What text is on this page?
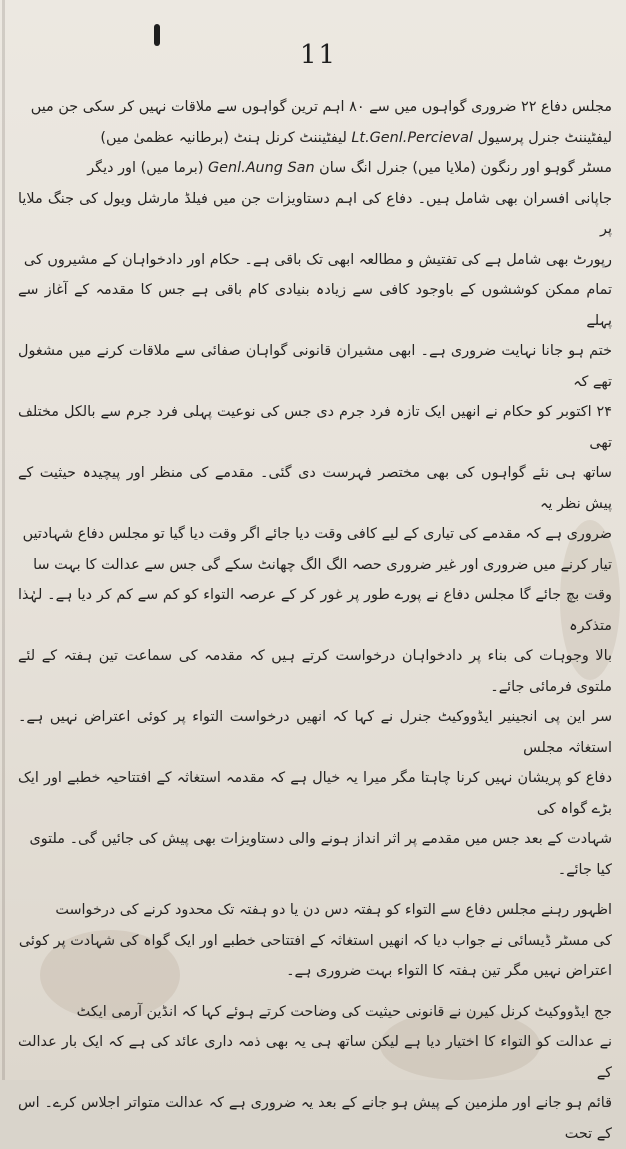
11

مجلس دفاع ۲۲ ضروری گواہوں میں سے ۸۰ اہم ترین گواہوں سے ملاقات نہیں کر سکی جن میں

لیفٹیننٹ جنرل پرسیول Lt.Genl.Percieval لیفٹیننٹ کرنل ہنٹ (برطانیہ عظمیٰ میں)

مسٹر گوہو اور رنگون (ملایا میں) جنرل انگ سان Genl.Aung San (برما میں) اور دیگر

جاپانی افسران بھی شامل ہیں۔ دفاع کی اہم دستاویزات جن میں فیلڈ مارشل ویول کی جنگ ملایا پر

رپورٹ بھی شامل ہے کی تفتیش و مطالعہ ابھی تک باقی ہے۔ حکام اور دادخواہان کے مشیروں کی

تمام ممکن کوششوں کے باوجود کافی سے زیادہ بنیادی کام باقی ہے جس کا مقدمہ کے آغاز سے پہلے

ختم ہو جانا نہایت ضروری ہے۔ ابھی مشیران قانونی گواہان صفائی سے ملاقات کرنے میں مشغول تھے کہ

۲۴ اکتوبر کو حکام نے انھیں ایک تازہ فرد جرم دی جس کی نوعیت پہلی فرد جرم سے بالکل مختلف تھی

ساتھ ہی نئے گواہوں کی بھی مختصر فہرست دی گئی۔ مقدمے کی منظر اور پیچیدہ حیثیت کے پیش نظر یہ

ضروری ہے کہ مقدمے کی تیاری کے لیے کافی وقت دیا جائے اگر وقت دیا گیا تو مجلس دفاع شہادتیں

تیار کرنے میں ضروری اور غیر ضروری حصہ الگ الگ چھانٹ سکے گی جس سے عدالت کا بہت سا

وقت بچ جائے گا مجلس دفاع نے پورے طور پر غور کر کے عرصہ التواء کو کم سے کم کر دیا ہے۔ لہٰذا متذکرہ

بالا وجوہات کی بناء پر دادخواہان درخواست کرتے ہیں کہ مقدمہ کی سماعت تین ہفتہ کے لئے ملتوی فرمائی جائے۔

سر این پی انجینیر ایڈووکیٹ جنرل نے کہا کہ انھیں درخواست التواء پر کوئی اعتراض نہیں ہے۔ استغاثہ مجلس

دفاع کو پریشان نہیں کرنا چاہتا مگر میرا یہ خیال ہے کہ مقدمہ استغاثہ کے افتتاحیہ خطبے اور ایک بڑے گواہ کی

شہادت کے بعد جس میں مقدمے پر اثر انداز ہونے والی دستاویزات بھی پیش کی جائیں گی۔ ملتوی

کیا جائے۔

اظہور رہنے مجلس دفاع سے التواء کو ہفتہ دس دن یا دو ہفتہ تک محدود کرنے کی درخواست

کی مسٹر ڈیسائی نے جواب دیا کہ انھیں استغاثہ کے افتتاحی خطبے اور ایک گواہ کی شہادت پر کوئی

اعتراض نہیں مگر تین ہفتہ کا التواء بہت ضروری ہے۔

جج ایڈووکیٹ کرنل کیرن نے قانونی حیثیت کی وضاحت کرتے ہوئے کہا کہ انڈین آرمی ایکٹ

نے عدالت کو التواء کا اختیار دیا ہے لیکن ساتھ ہی یہ بھی ذمہ داری عائد کی ہے کہ ایک بار عدالت کے

قائم ہو جانے اور ملزمین کے پیش ہو جانے کے بعد یہ ضروری ہے کہ عدالت متواتر اجلاس کرے۔ اس کے تحت
